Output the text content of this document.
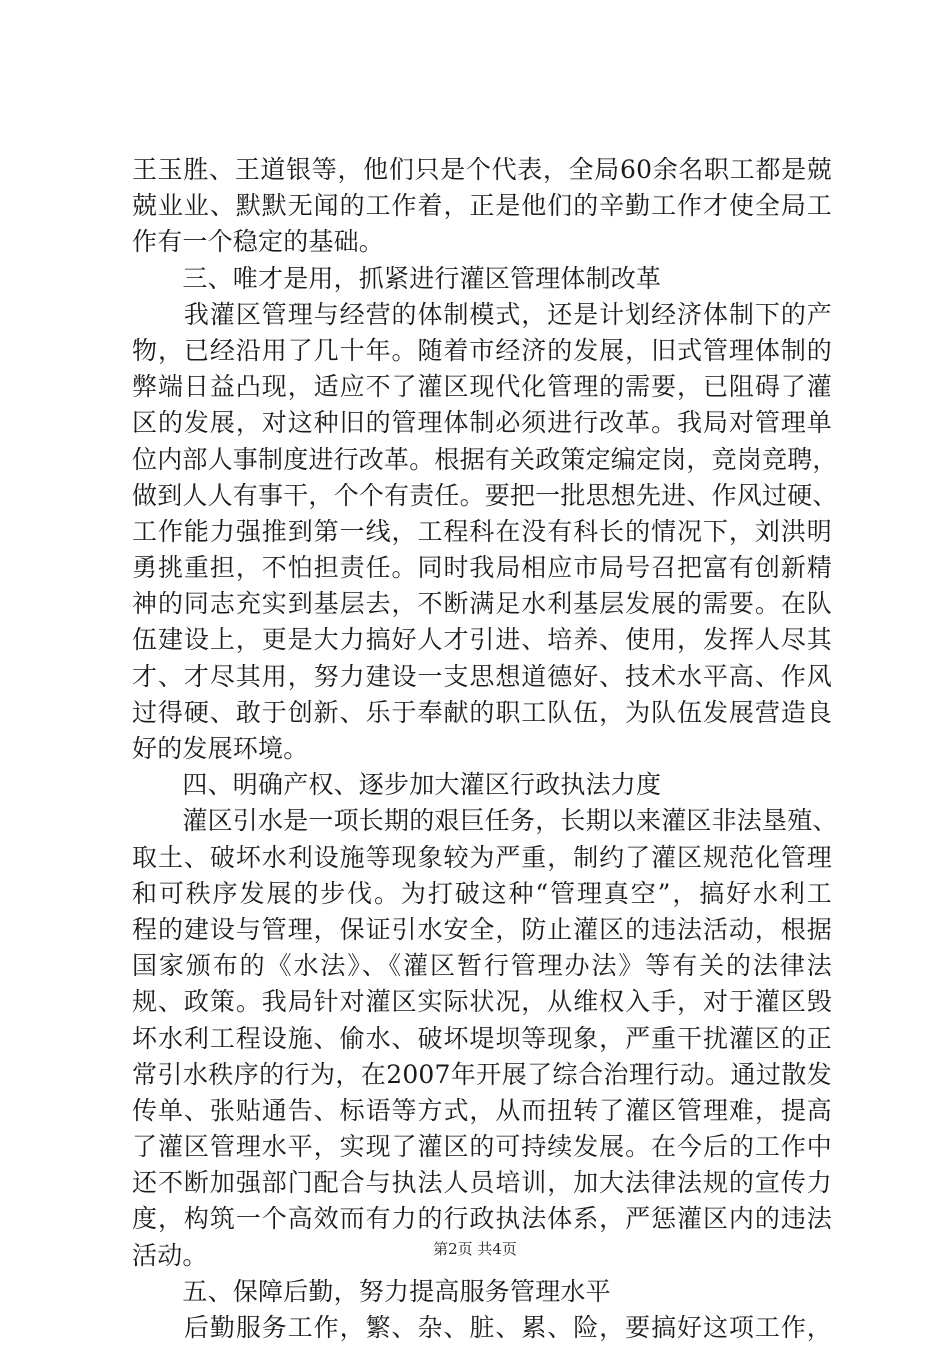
王玉胜、王道银等，他们只是个代表，全局60余名职工都是兢
兢业业、默默无闻的工作着，正是他们的辛勤工作才使全局工
作有一个稳定的基础。
　　三、唯才是用，抓紧进行灌区管理体制改革
　　我灌区管理与经营的体制模式，还是计划经济体制下的产
物，已经沿用了几十年。随着市经济的发展，旧式管理体制的
弊端日益凸现，适应不了灌区现代化管理的需要，已阻碍了灌
区的发展，对这种旧的管理体制必须进行改革。我局对管理单
位内部人事制度进行改革。根据有关政策定编定岗，竞岗竞聘，
做到人人有事干，个个有责任。要把一批思想先进、作风过硬、
工作能力强推到第一线，工程科在没有科长的情况下，刘洪明
勇挑重担，不怕担责任。同时我局相应市局号召把富有创新精
神的同志充实到基层去，不断满足水利基层发展的需要。在队
伍建设上，更是大力搞好人才引进、培养、使用，发挥人尽其
才、才尽其用，努力建设一支思想道德好、技术水平高、作风
过得硬、敢于创新、乐于奉献的职工队伍，为队伍发展营造良
好的发展环境。
　　四、明确产权、逐步加大灌区行政执法力度
　　灌区引水是一项长期的艰巨任务，长期以来灌区非法垦殖、
取土、破坏水利设施等现象较为严重，制约了灌区规范化管理
和可秩序发展的步伐。为打破这种“管理真空”，搞好水利工
程的建设与管理，保证引水安全，防止灌区的违法活动，根据
国家颁布的《水法》、《灌区暂行管理办法》等有关的法律法
规、政策。我局针对灌区实际状况，从维权入手，对于灌区毁
坏水利工程设施、偷水、破坏堤坝等现象，严重干扰灌区的正
常引水秩序的行为，在2007年开展了综合治理行动。通过散发
传单、张贴通告、标语等方式，从而扭转了灌区管理难，提高
了灌区管理水平，实现了灌区的可持续发展。在今后的工作中
还不断加强部门配合与执法人员培训，加大法律法规的宣传力
度，构筑一个高效而有力的行政执法体系，严惩灌区内的违法
活动。
　　五、保障后勤，努力提高服务管理水平
　　后勤服务工作，繁、杂、脏、累、险，要搞好这项工作，
第2页 共4页
